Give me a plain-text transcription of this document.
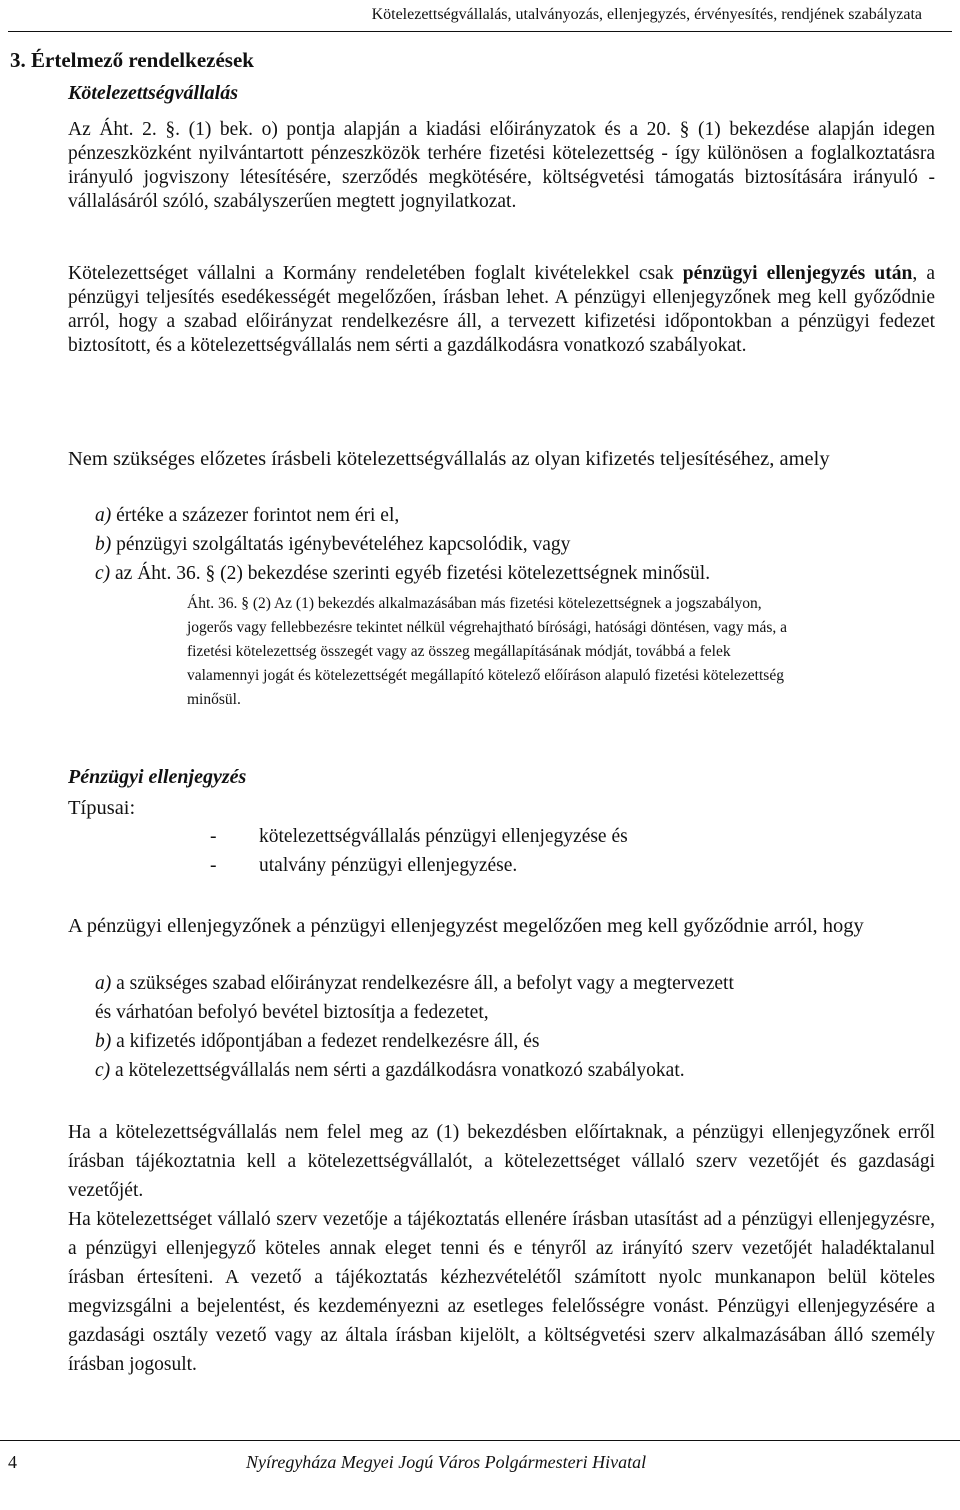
Kötelezettségvállalás, utalványozás, ellenjegyzés, érvényesítés, rendjének szabályzata
3. Értelmező rendelkezések
Kötelezettségvállalás
Az Áht. 2. §. (1) bek. o) pontja alapján a kiadási előirányzatok és a 20. § (1) bekezdése alapján idegen pénzeszközként nyilvántartott pénzeszközök terhére fizetési kötelezettség - így különösen a foglalkoztatásra irányuló jogviszony létesítésére, szerződés megkötésére, költségvetési támogatás biztosítására irányuló - vállalásáról szóló, szabályszerűen megtett jognyilatkozat.
Kötelezettséget vállalni a Kormány rendeletében foglalt kivételekkel csak pénzügyi ellenjegyzés után, a pénzügyi teljesítés esedékességét megelőzően, írásban lehet. A pénzügyi ellenjegyzőnek meg kell győződnie arról, hogy a szabad előirányzat rendelkezésre áll, a tervezett kifizetési időpontokban a pénzügyi fedezet biztosított, és a kötelezettségvállalás nem sérti a gazdálkodásra vonatkozó szabályokat.
Nem szükséges előzetes írásbeli kötelezettségvállalás az olyan kifizetés teljesítéséhez, amely
a) értéke a százezer forintot nem éri el,
b) pénzügyi szolgáltatás igénybevételéhez kapcsolódik, vagy
c) az Áht. 36. § (2) bekezdése szerinti egyéb fizetési kötelezettségnek minősül.
Áht. 36. § (2) Az (1) bekezdés alkalmazásában más fizetési kötelezettségnek a jogszabályon, jogerős vagy fellebbezésre tekintet nélkül végrehajtható bírósági, hatósági döntésen, vagy más, a fizetési kötelezettség összegét vagy az összeg megállapításának módját, továbbá a felek valamennyi jogát és kötelezettségét megállapító kötelező előíráson alapuló fizetési kötelezettség minősül.
Pénzügyi ellenjegyzés
Típusai:
- kötelezettségvállalás pénzügyi ellenjegyzése és
- utalvány pénzügyi ellenjegyzése.
A pénzügyi ellenjegyzőnek a pénzügyi ellenjegyzést megelőzően meg kell győződnie arról, hogy
a) a szükséges szabad előirányzat rendelkezésre áll, a befolyt vagy a megtervezett
és várhatóan befolyó bevétel biztosítja a fedezetet,
b) a kifizetés időpontjában a fedezet rendelkezésre áll, és
c) a kötelezettségvállalás nem sérti a gazdálkodásra vonatkozó szabályokat.
Ha a kötelezettségvállalás nem felel meg az (1) bekezdésben előírtaknak, a pénzügyi ellenjegyzőnek erről írásban tájékoztatnia kell a kötelezettségvállalót, a kötelezettséget vállaló szerv vezetőjét és gazdasági vezetőjét.
Ha kötelezettséget vállaló szerv vezetője a tájékoztatás ellenére írásban utasítást ad a pénzügyi ellenjegyzésre, a pénzügyi ellenjegyző köteles annak eleget tenni és e tényről az irányító szerv vezetőjét haladéktalanul írásban értesíteni. A vezető a tájékoztatás kézhezvételétől számított nyolc munkanapon belül köteles megvizsgálni a bejelentést, és kezdeményezni az esetleges felelősségre vonást. Pénzügyi ellenjegyzésére a gazdasági osztály vezető vagy az általa írásban kijelölt, a költségvetési szerv alkalmazásában álló személy írásban jogosult.
4	Nyíregyháza Megyei Jogú Város Polgármesteri Hivatal
